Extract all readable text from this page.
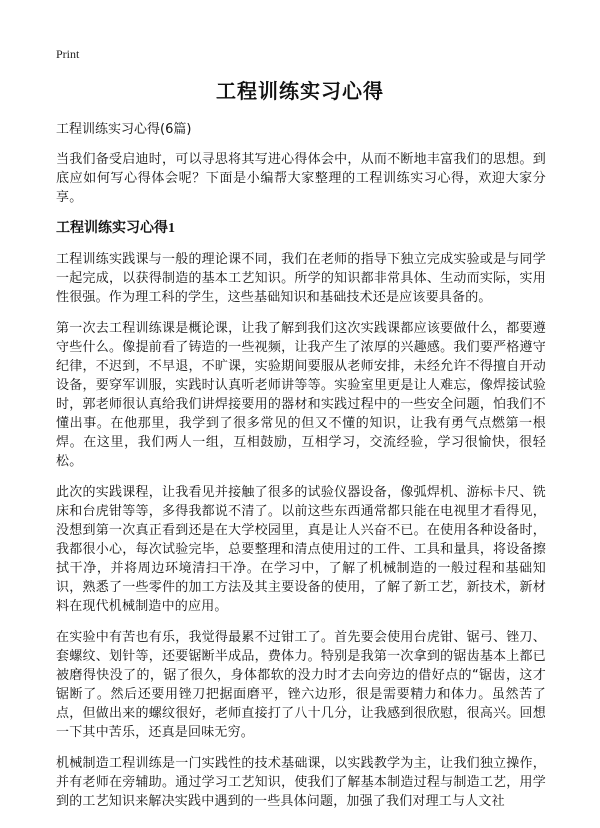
Print
工程训练实习心得

工程训练实习心得(6篇)

当我们备受启迪时，可以寻思将其写进心得体会中，从而不断地丰富我们的思想。到底应如何写心得体会呢？下面是小编帮大家整理的工程训练实习心得，欢迎大家分享。

工程训练实习心得1

工程训练实践课与一般的理论课不同，我们在老师的指导下独立完成实验或是与同学一起完成，以获得制造的基本工艺知识。所学的知识都非常具体、生动而实际，实用性很强。作为理工科的学生，这些基础知识和基础技术还是应该要具备的。

第一次去工程训练课是概论课，让我了解到我们这次实践课都应该要做什么，都要遵守些什么。像提前看了铸造的一些视频，让我产生了浓厚的兴趣感。我们要严格遵守纪律，不迟到，不早退，不旷课，实验期间要服从老师安排，未经允许不得擅自开动设备，要穿军训服，实践时认真听老师讲等等。实验室里更是让人难忘，像焊接试验时，郭老师很认真给我们讲焊接要用的器材和实践过程中的一些安全问题，怕我们不懂出事。在他那里，我学到了很多常见的但又不懂的知识，让我有勇气点燃第一根焊。在这里，我们两人一组，互相鼓励，互相学习，交流经验，学习很愉快，很轻松。

此次的实践课程，让我看见并接触了很多的试验仪器设备，像弧焊机、游标卡尺、铣床和台虎钳等等，多得我都说不清了。以前这些东西通常都只能在电视里才看得见，没想到第一次真正看到还是在大学校园里，真是让人兴奋不已。在使用各种设备时，我都很小心，每次试验完毕，总要整理和清点使用过的工件、工具和量具，将设备擦拭干净，并将周边环境清扫干净。在学习中，了解了机械制造的一般过程和基础知识，熟悉了一些零件的加工方法及其主要设备的使用，了解了新工艺，新技术，新材料在现代机械制造中的应用。

在实验中有苦也有乐，我觉得最累不过钳工了。首先要会使用台虎钳、锯弓、锉刀、套螺纹、划针等，还要锯断半成品，费体力。特别是我第一次拿到的锯齿基本上都已被磨得快没了的，锯了很久，身体都软的没力时才去向旁边的借好点的“锯齿，这才锯断了。然后还要用锉刀把据面磨平，锉六边形，很是需要精力和体力。虽然苦了点，但做出来的螺纹很好，老师直接打了八十几分，让我感到很欣慰，很高兴。回想一下其中苦乐，还真是回味无穷。

机械制造工程训练是一门实践性的技术基础课，以实践教学为主，让我们独立操作，并有老师在旁辅助。通过学习工艺知识，使我们了解基本制造过程与制造工艺，用学到的工艺知识来解决实践中遇到的一些具体问题，加强了我们对理工与人文社
